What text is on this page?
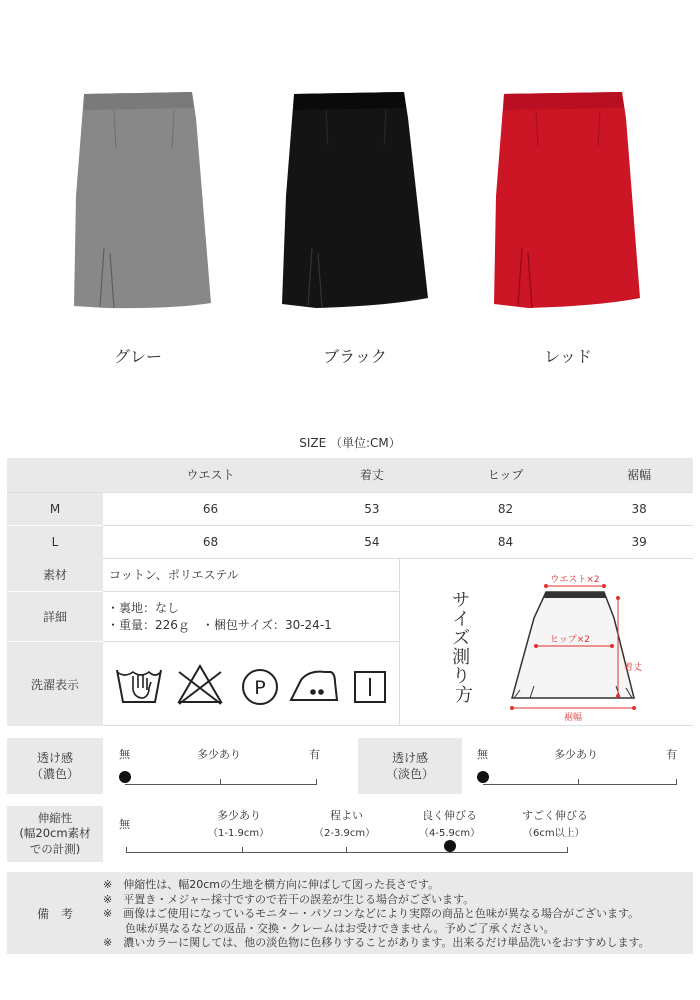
グレー	ブラック	レッド
SIZE （単位:CM）
	ウエスト	着丈	ヒップ	裾幅
M	66	53	82	38
L	68	54	84	39
素材	コットン、ポリエステル
詳細
・裏地：なし
・重量：226ｇ　・梱包サイズ：30-24-1
洗濯表示	P
サ イ ズ 測 り 方
ウエスト×2
ヒップ×2
着丈
裾幅
透け感
（濃色）
無	多少あり	有	透け感
（淡色）
無	多少あり	有
伸縮性
(幅20cm素材
での計測)
無
多少あり
（1-1.9cm）
程よい
（2-3.9cm）
良く伸びる
（4-5.9cm）
すごく伸びる
（6cm以上）
備　考
※　伸縮性は、幅20cmの生地を横方向に伸ばして図った長さです。
※　平置き・メジャー採寸ですので若干の誤差が生じる場合がございます。
※　画像はご使用になっているモニター・パソコンなどにより実際の商品と色味が異なる場合がございます。
　　色味が異なるなどの返品・交換・クレームはお受けできません。予めご了承ください。
※　濃いカラーに関しては、他の淡色物に色移りすることがあります。出来るだけ単品洗いをおすすめします。
